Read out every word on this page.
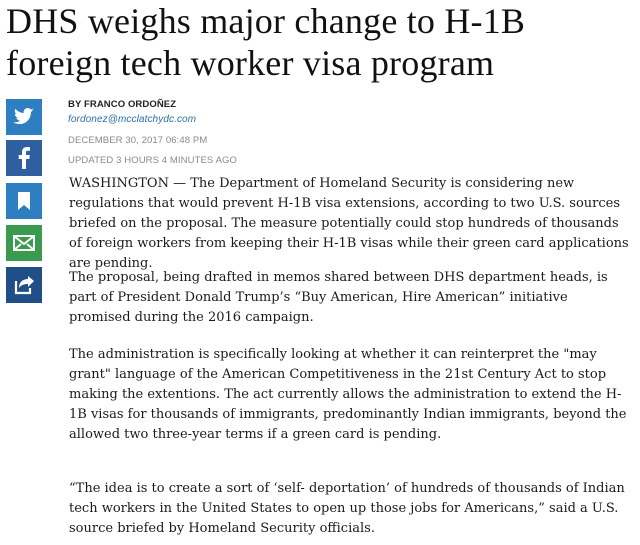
DHS weighs major change to H-1B foreign tech worker visa program
BY FRANCO ORDOÑEZ
fordonez@mcclatchydc.com
DECEMBER 30, 2017 06:48 PM
UPDATED 3 HOURS 4 MINUTES AGO

WASHINGTON — The Department of Homeland Security is considering new regulations that would prevent H-1B visa extensions, according to two U.S. sources briefed on the proposal. The measure potentially could stop hundreds of thousands of foreign workers from keeping their H-1B visas while their green card applications are pending.

The proposal, being drafted in memos shared between DHS department heads, is part of President Donald Trump’s “Buy American, Hire American” initiative promised during the 2016 campaign.

The administration is specifically looking at whether it can reinterpret the "may grant" language of the American Competitiveness in the 21st Century Act to stop making the extentions. The act currently allows the administration to extend the H-1B visas for thousands of immigrants, predominantly Indian immigrants, beyond the allowed two three-year terms if a green card is pending.

“The idea is to create a sort of ‘self- deportation’ of hundreds of thousands of Indian tech workers in the United States to open up those jobs for Americans,” said a U.S. source briefed by Homeland Security officials.
